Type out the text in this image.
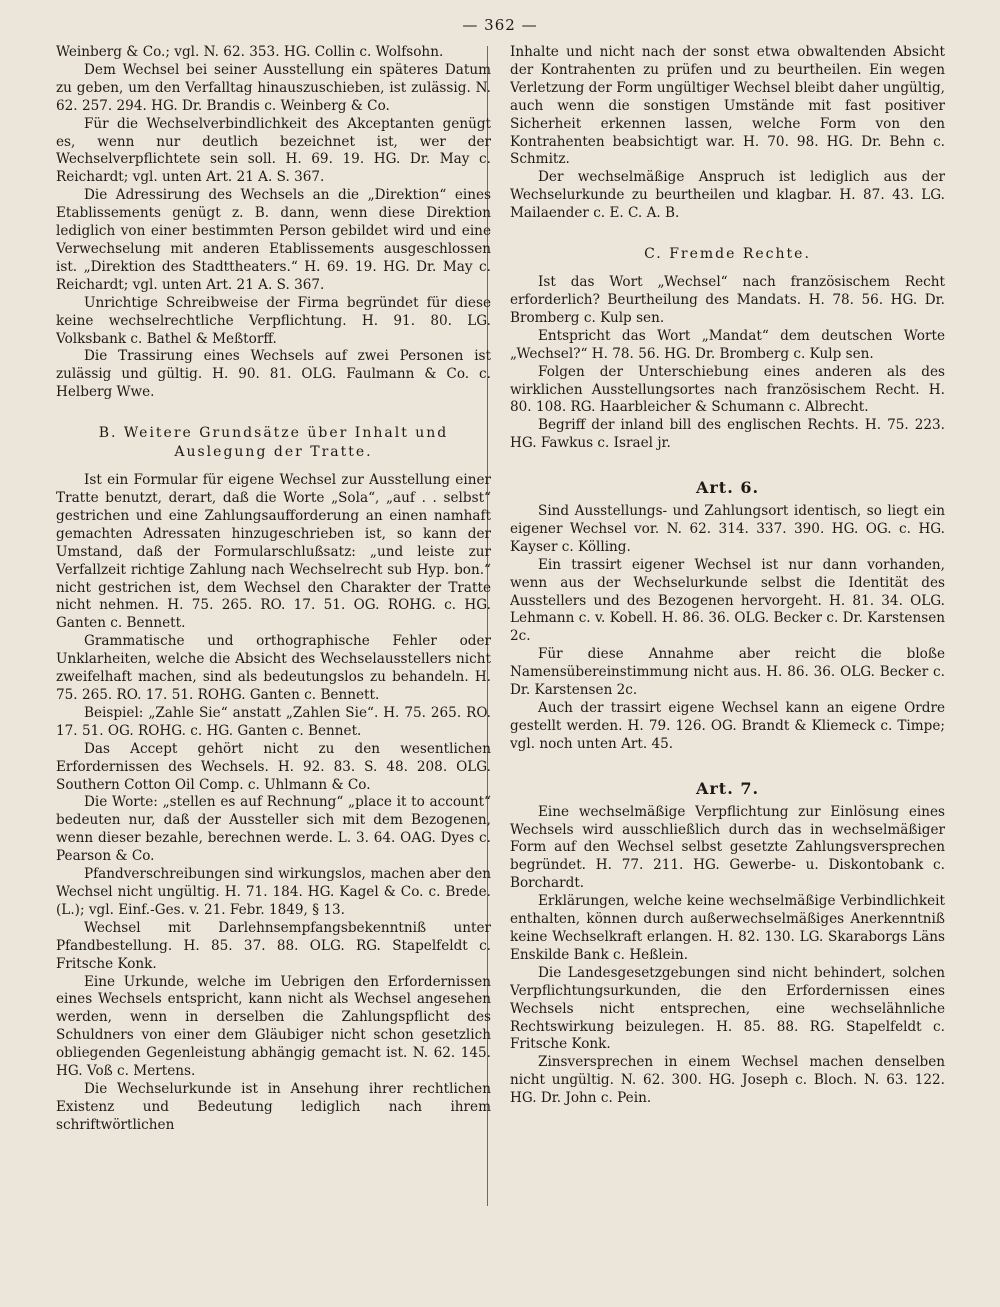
— 362 —

Weinberg & Co.; vgl. N. 62. 353. HG. Collin c. Wolfsohn.

Dem Wechsel bei seiner Ausstellung ein späteres Datum zu geben, um den Verfalltag hinauszuschieben, ist zulässig. N. 62. 257. 294. HG. Dr. Brandis c. Weinberg & Co.

Für die Wechselverbindlichkeit des Akceptanten genügt es, wenn nur deutlich bezeichnet ist, wer der Wechselverpflichtete sein soll. H. 69. 19. HG. Dr. May c. Reichardt; vgl. unten Art. 21 A. S. 367.

Die Adressirung des Wechsels an die „Direktion“ eines Etablissements genügt z. B. dann, wenn diese Direktion lediglich von einer bestimmten Person gebildet wird und eine Verwechselung mit anderen Etablissements ausgeschlossen ist. „Direktion des Stadttheaters.“ H. 69. 19. HG. Dr. May c. Reichardt; vgl. unten Art. 21 A. S. 367.

Unrichtige Schreibweise der Firma begründet für diese keine wechselrechtliche Verpflichtung. H. 91. 80. LG. Volksbank c. Bathel & Meßtorff.

Die Trassirung eines Wechsels auf zwei Personen ist zulässig und gültig. H. 90. 81. OLG. Faulmann & Co. c. Helberg Wwe.

B. Weitere Grundsätze über Inhalt und Auslegung der Tratte.

Ist ein Formular für eigene Wechsel zur Ausstellung einer Tratte benutzt, derart, daß die Worte „Sola“, „auf . . selbst“ gestrichen und eine Zahlungsaufforderung an einen namhaft gemachten Adressaten hinzugeschrieben ist, so kann der Umstand, daß der Formularschlußsatz: „und leiste zur Verfallzeit richtige Zahlung nach Wechselrecht sub Hyp. bon.“ nicht gestrichen ist, dem Wechsel den Charakter der Tratte nicht nehmen. H. 75. 265. RO. 17. 51. OG. ROHG. c. HG. Ganten c. Bennett.

Grammatische und orthographische Fehler oder Unklarheiten, welche die Absicht des Wechselausstellers nicht zweifelhaft machen, sind als bedeutungslos zu behandeln. H. 75. 265. RO. 17. 51. ROHG. Ganten c. Bennett.

Beispiel: „Zahle Sie“ anstatt „Zahlen Sie“. H. 75. 265. RO. 17. 51. OG. ROHG. c. HG. Ganten c. Bennet.

Das Accept gehört nicht zu den wesentlichen Erfordernissen des Wechsels. H. 92. 83. S. 48. 208. OLG. Southern Cotton Oil Comp. c. Uhlmann & Co.

Die Worte: „stellen es auf Rechnung“ „place it to account“ bedeuten nur, daß der Aussteller sich mit dem Bezogenen, wenn dieser bezahle, berechnen werde. L. 3. 64. OAG. Dyes c. Pearson & Co.

Pfandverschreibungen sind wirkungslos, machen aber den Wechsel nicht ungültig. H. 71. 184. HG. Kagel & Co. c. Brede. (L.); vgl. Einf.-Ges. v. 21. Febr. 1849, § 13.

Wechsel mit Darlehnsempfangsbekenntniß unter Pfandbestellung. H. 85. 37. 88. OLG. RG. Stapelfeldt c. Fritsche Konk.

Eine Urkunde, welche im Uebrigen den Erfordernissen eines Wechsels entspricht, kann nicht als Wechsel angesehen werden, wenn in derselben die Zahlungspflicht des Schuldners von einer dem Gläubiger nicht schon gesetzlich obliegenden Gegenleistung abhängig gemacht ist. N. 62. 145. HG. Voß c. Mertens.

Die Wechselurkunde ist in Ansehung ihrer rechtlichen Existenz und Bedeutung lediglich nach ihrem schriftwörtlichen

Inhalte und nicht nach der sonst etwa obwaltenden Absicht der Kontrahenten zu prüfen und zu beurtheilen. Ein wegen Verletzung der Form ungültiger Wechsel bleibt daher ungültig, auch wenn die sonstigen Umstände mit fast positiver Sicherheit erkennen lassen, welche Form von den Kontrahenten beabsichtigt war. H. 70. 98. HG. Dr. Behn c. Schmitz.

Der wechselmäßige Anspruch ist lediglich aus der Wechselurkunde zu beurtheilen und klagbar. H. 87. 43. LG. Mailaender c. E. C. A. B.

C. Fremde Rechte.

Ist das Wort „Wechsel“ nach französischem Recht erforderlich? Beurtheilung des Mandats. H. 78. 56. HG. Dr. Bromberg c. Kulp sen.

Entspricht das Wort „Mandat“ dem deutschen Worte „Wechsel?“ H. 78. 56. HG. Dr. Bromberg c. Kulp sen.

Folgen der Unterschiebung eines anderen als des wirklichen Ausstellungsortes nach französischem Recht. H. 80. 108. RG. Haarbleicher & Schumann c. Albrecht.

Begriff der inland bill des englischen Rechts. H. 75. 223. HG. Fawkus c. Israel jr.

Art. 6.

Sind Ausstellungs- und Zahlungsort identisch, so liegt ein eigener Wechsel vor. N. 62. 314. 337. 390. HG. OG. c. HG. Kayser c. Kölling.

Ein trassirt eigener Wechsel ist nur dann vorhanden, wenn aus der Wechselurkunde selbst die Identität des Ausstellers und des Bezogenen hervorgeht. H. 81. 34. OLG. Lehmann c. v. Kobell. H. 86. 36. OLG. Becker c. Dr. Karstensen 2c.

Für diese Annahme aber reicht die bloße Namensübereinstimmung nicht aus. H. 86. 36. OLG. Becker c. Dr. Karstensen 2c.

Auch der trassirt eigene Wechsel kann an eigene Ordre gestellt werden. H. 79. 126. OG. Brandt & Kliemeck c. Timpe; vgl. noch unten Art. 45.

Art. 7.

Eine wechselmäßige Verpflichtung zur Einlösung eines Wechsels wird ausschließlich durch das in wechselmäßiger Form auf den Wechsel selbst gesetzte Zahlungsversprechen begründet. H. 77. 211. HG. Gewerbe- u. Diskontobank c. Borchardt.

Erklärungen, welche keine wechselmäßige Verbindlichkeit enthalten, können durch außerwechselmäßiges Anerkenntniß keine Wechselkraft erlangen. H. 82. 130. LG. Skaraborgs Läns Enskilde Bank c. Heßlein.

Die Landesgesetzgebungen sind nicht behindert, solchen Verpflichtungsurkunden, die den Erfordernissen eines Wechsels nicht entsprechen, eine wechselähnliche Rechtswirkung beizulegen. H. 85. 88. RG. Stapelfeldt c. Fritsche Konk.

Zinsversprechen in einem Wechsel machen denselben nicht ungültig. N. 62. 300. HG. Joseph c. Bloch. N. 63. 122. HG. Dr. John c. Pein.
